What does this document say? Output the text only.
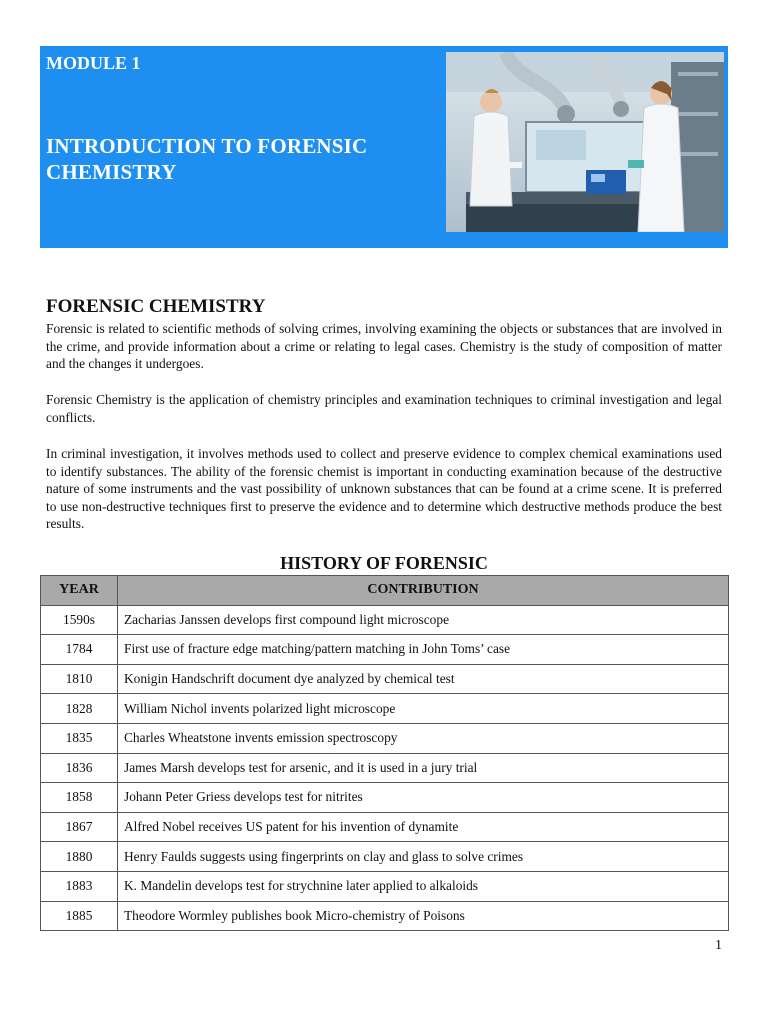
MODULE 1
INTRODUCTION TO FORENSIC CHEMISTRY
FORENSIC CHEMISTRY

Forensic is related to scientific methods of solving crimes, involving examining the objects or substances that are involved in the crime, and provide information about a crime or relating to legal cases. Chemistry is the study of composition of matter and the changes it undergoes.

Forensic Chemistry is the application of chemistry principles and examination techniques to criminal investigation and legal conflicts.

In criminal investigation, it involves methods used to collect and preserve evidence to complex chemical examinations used to identify substances. The ability of the forensic chemist is important in conducting examination because of the destructive nature of some instruments and the vast possibility of unknown substances that can be found at a crime scene. It is preferred to use non-destructive techniques first to preserve the evidence and to determine which destructive methods produce the best results.

HISTORY OF FORENSIC
YEAR	CONTRIBUTION
1590s	Zacharias Janssen develops first compound light microscope
1784	First use of fracture edge matching/pattern matching in John Toms’ case
1810	Konigin Handschrift document dye analyzed by chemical test
1828	William Nichol invents polarized light microscope
1835	Charles Wheatstone invents emission spectroscopy
1836	James Marsh develops test for arsenic, and it is used in a jury trial
1858	Johann Peter Griess develops test for nitrites
1867	Alfred Nobel receives US patent for his invention of dynamite
1880	Henry Faulds suggests using fingerprints on clay and glass to solve crimes
1883	K. Mandelin develops test for strychnine later applied to alkaloids
1885	Theodore Wormley publishes book Micro-chemistry of Poisons
1
